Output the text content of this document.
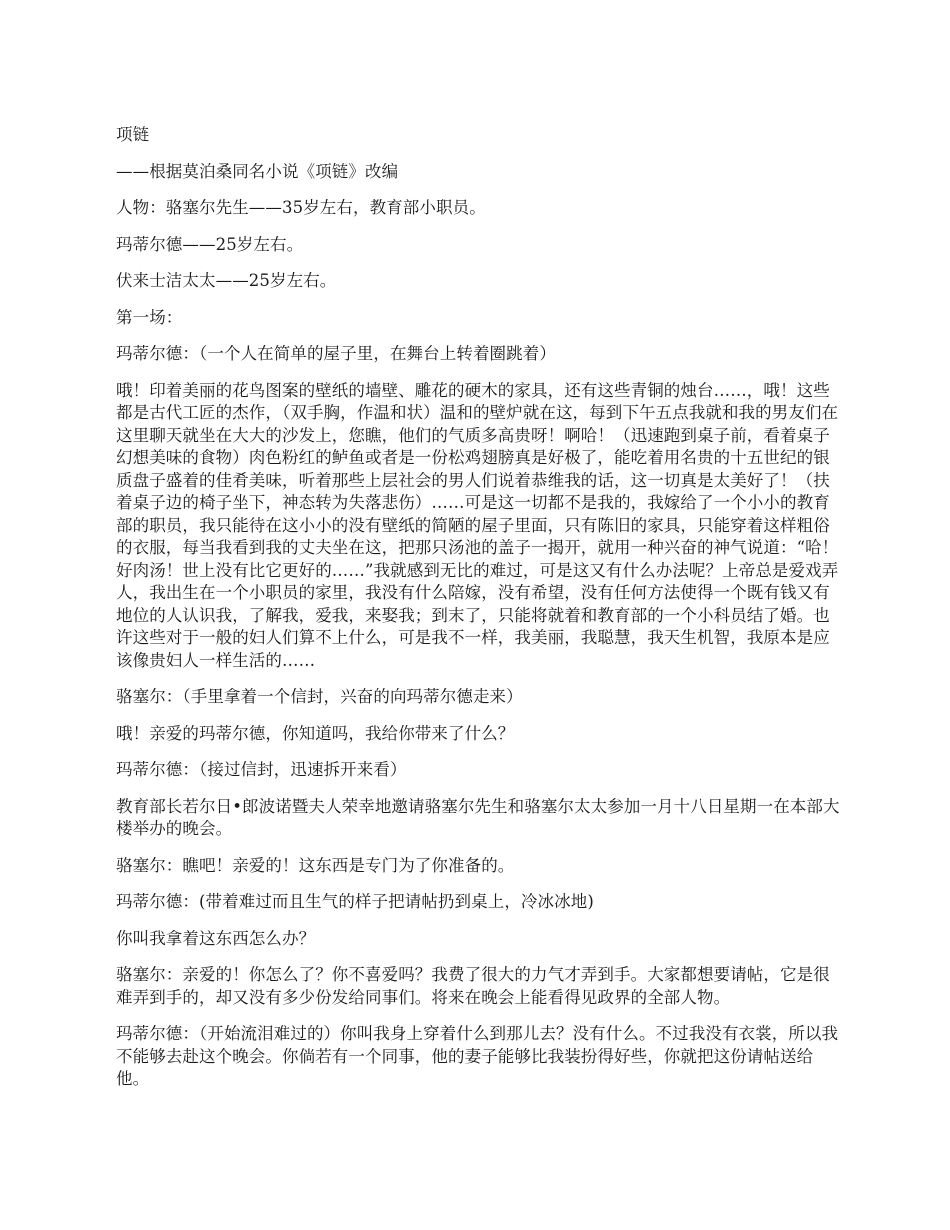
项链

——根据莫泊桑同名小说《项链》改编

人物：骆塞尔先生——35岁左右，教育部小职员。

玛蒂尔德——25岁左右。

伏来士洁太太——25岁左右。

第一场：

玛蒂尔德：（一个人在简单的屋子里，在舞台上转着圈跳着）

哦！印着美丽的花鸟图案的壁纸的墙壁、雕花的硬木的家具，还有这些青铜的烛台……，哦！这些都是古代工匠的杰作，（双手胸，作温和状）温和的壁炉就在这，每到下午五点我就和我的男友们在这里聊天就坐在大大的沙发上，您瞧，他们的气质多高贵呀！啊哈！（迅速跑到桌子前，看着桌子幻想美味的食物）肉色粉红的鲈鱼或者是一份松鸡翅膀真是好极了，能吃着用名贵的十五世纪的银质盘子盛着的佳肴美味，听着那些上层社会的男人们说着恭维我的话，这一切真是太美好了！（扶着桌子边的椅子坐下，神态转为失落悲伤）……可是这一切都不是我的，我嫁给了一个小小的教育部的职员，我只能待在这小小的没有壁纸的简陋的屋子里面，只有陈旧的家具，只能穿着这样粗俗的衣服，每当我看到我的丈夫坐在这，把那只汤池的盖子一揭开，就用一种兴奋的神气说道：“哈！好肉汤！世上没有比它更好的……”我就感到无比的难过，可是这又有什么办法呢？上帝总是爱戏弄人，我出生在一个小职员的家里，我没有什么陪嫁，没有希望，没有任何方法使得一个既有钱又有地位的人认识我，了解我，爱我，来娶我；到末了，只能将就着和教育部的一个小科员结了婚。也许这些对于一般的妇人们算不上什么，可是我不一样，我美丽，我聪慧，我天生机智，我原本是应该像贵妇人一样生活的……

骆塞尔：（手里拿着一个信封，兴奋的向玛蒂尔德走来）

哦！亲爱的玛蒂尔德，你知道吗，我给你带来了什么？

玛蒂尔德：（接过信封，迅速拆开来看）

教育部长若尔日•郎波诺暨夫人荣幸地邀请骆塞尔先生和骆塞尔太太参加一月十八日星期一在本部大楼举办的晚会。

骆塞尔：瞧吧！亲爱的！这东西是专门为了你准备的。

玛蒂尔德：(带着难过而且生气的样子把请帖扔到桌上，冷冰冰地)

你叫我拿着这东西怎么办？

骆塞尔：亲爱的！你怎么了？你不喜爱吗？我费了很大的力气才弄到手。大家都想要请帖，它是很难弄到手的，却又没有多少份发给同事们。将来在晚会上能看得见政界的全部人物。

玛蒂尔德：（开始流泪难过的）你叫我身上穿着什么到那儿去？没有什么。不过我没有衣裳，所以我不能够去赴这个晚会。你倘若有一个同事，他的妻子能够比我装扮得好些，你就把这份请帖送给他。
